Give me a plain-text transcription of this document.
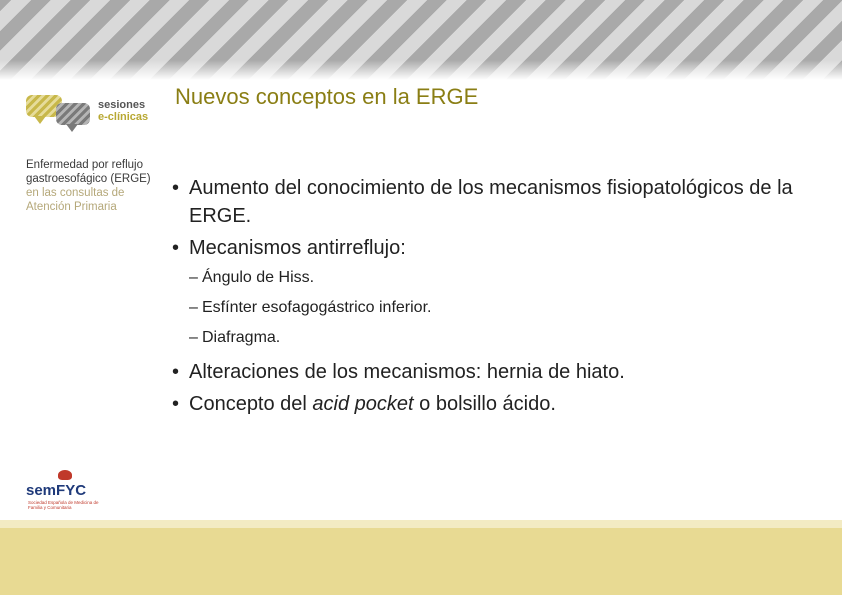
sesiones
e-clínicas
Enfermedad por reflujo
gastroesofágico (ERGE)
en las consultas de
Atención Primaria
Nuevos conceptos en la ERGE
• Aumento del conocimiento de los mecanismos fisiopatológicos de la ERGE.
• Mecanismos antirreflujo:
– Ángulo de Hiss.
– Esfínter esofagogástrico inferior.
– Diafragma.
• Alteraciones de los mecanismos: hernia de hiato.
• Concepto del acid pocket o bolsillo ácido.
semFYC
Sociedad Española de Medicina de Familia y Comunitaria
